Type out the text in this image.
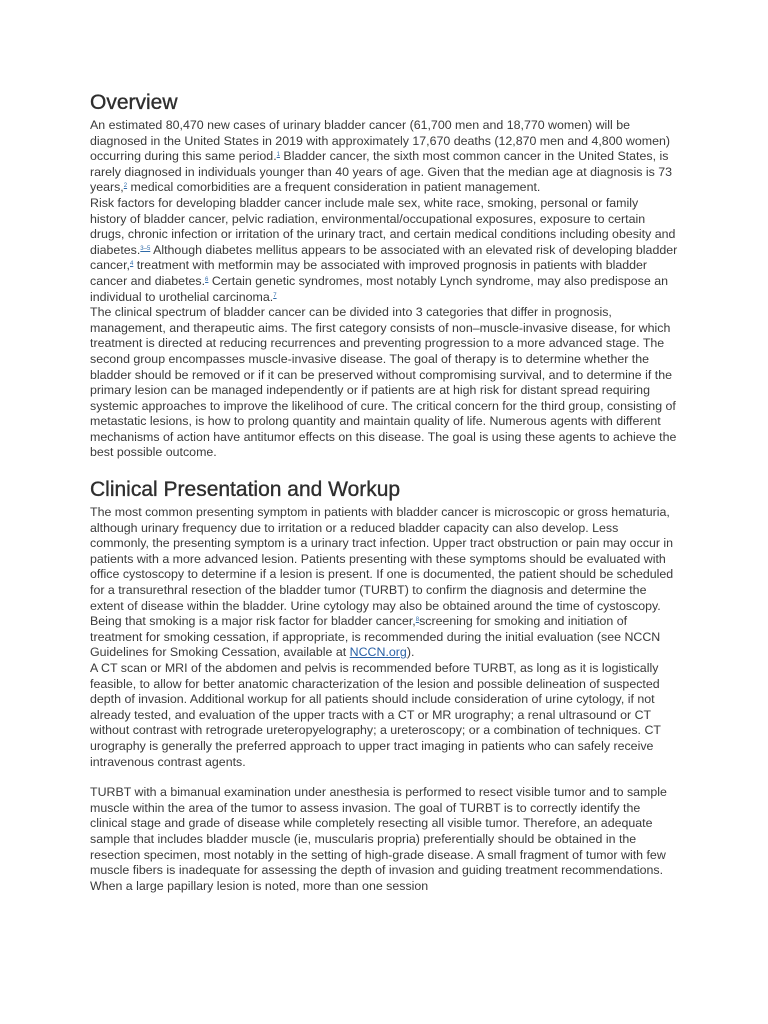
Overview

An estimated 80,470 new cases of urinary bladder cancer (61,700 men and 18,770 women) will be diagnosed in the United States in 2019 with approximately 17,670 deaths (12,870 men and 4,800 women) occurring during this same period.$^1$ Bladder cancer, the sixth most common cancer in the United States, is rarely diagnosed in individuals younger than 40 years of age. Given that the median age at diagnosis is 73 years,$^2$ medical comorbidities are a frequent consideration in patient management.

Risk factors for developing bladder cancer include male sex, white race, smoking, personal or family history of bladder cancer, pelvic radiation, environmental/occupational exposures, exposure to certain drugs, chronic infection or irritation of the urinary tract, and certain medical conditions including obesity and diabetes.$^{3-5}$ Although diabetes mellitus appears to be associated with an elevated risk of developing bladder cancer,$^4$ treatment with metformin may be associated with improved prognosis in patients with bladder cancer and diabetes.$^6$ Certain genetic syndromes, most notably Lynch syndrome, may also predispose an individual to urothelial carcinoma.$^7$

The clinical spectrum of bladder cancer can be divided into 3 categories that differ in prognosis, management, and therapeutic aims. The first category consists of non–muscle-invasive disease, for which treatment is directed at reducing recurrences and preventing progression to a more advanced stage. The second group encompasses muscle-invasive disease. The goal of therapy is to determine whether the bladder should be removed or if it can be preserved without compromising survival, and to determine if the primary lesion can be managed independently or if patients are at high risk for distant spread requiring systemic approaches to improve the likelihood of cure. The critical concern for the third group, consisting of metastatic lesions, is how to prolong quantity and maintain quality of life. Numerous agents with different mechanisms of action have antitumor effects on this disease. The goal is using these agents to achieve the best possible outcome.

Clinical Presentation and Workup

The most common presenting symptom in patients with bladder cancer is microscopic or gross hematuria, although urinary frequency due to irritation or a reduced bladder capacity can also develop. Less commonly, the presenting symptom is a urinary tract infection. Upper tract obstruction or pain may occur in patients with a more advanced lesion. Patients presenting with these symptoms should be evaluated with office cystoscopy to determine if a lesion is present. If one is documented, the patient should be scheduled for a transurethral resection of the bladder tumor (TURBT) to confirm the diagnosis and determine the extent of disease within the bladder. Urine cytology may also be obtained around the time of cystoscopy. Being that smoking is a major risk factor for bladder cancer,$^8$screening for smoking and initiation of treatment for smoking cessation, if appropriate, is recommended during the initial evaluation (see NCCN Guidelines for Smoking Cessation, available at NCCN.org).

A CT scan or MRI of the abdomen and pelvis is recommended before TURBT, as long as it is logistically feasible, to allow for better anatomic characterization of the lesion and possible delineation of suspected depth of invasion. Additional workup for all patients should include consideration of urine cytology, if not already tested, and evaluation of the upper tracts with a CT or MR urography; a renal ultrasound or CT without contrast with retrograde ureteropyelography; a ureteroscopy; or a combination of techniques. CT urography is generally the preferred approach to upper tract imaging in patients who can safely receive intravenous contrast agents.

TURBT with a bimanual examination under anesthesia is performed to resect visible tumor and to sample muscle within the area of the tumor to assess invasion. The goal of TURBT is to correctly identify the clinical stage and grade of disease while completely resecting all visible tumor. Therefore, an adequate sample that includes bladder muscle (ie, muscularis propria) preferentially should be obtained in the resection specimen, most notably in the setting of high-grade disease. A small fragment of tumor with few muscle fibers is inadequate for assessing the depth of invasion and guiding treatment recommendations. When a large papillary lesion is noted, more than one session
